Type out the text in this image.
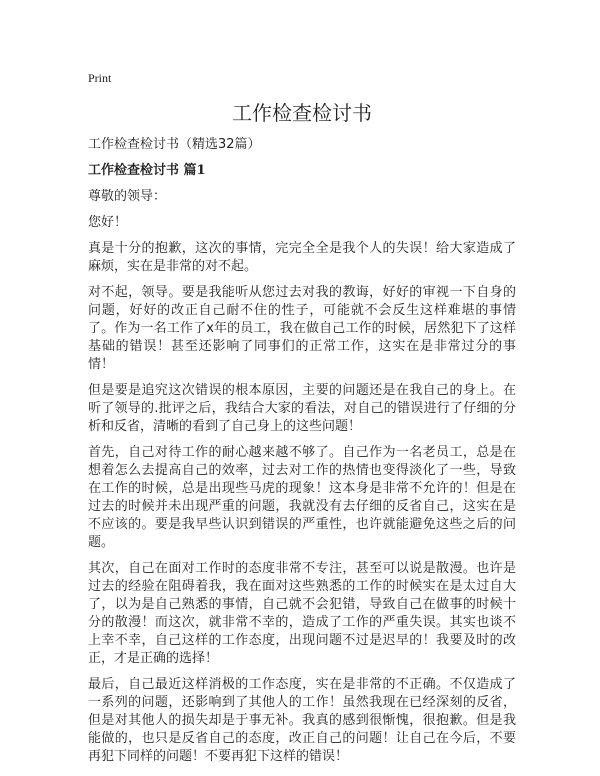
Print
工作检查检讨书

工作检查检讨书（精选32篇）

工作检查检讨书 篇1

尊敬的领导：

您好！

真是十分的抱歉，这次的事情，完完全全是我个人的失误！给大家造成了麻烦，实在是非常的对不起。

对不起，领导。要是我能听从您过去对我的教诲，好好的审视一下自身的问题，好好的改正自己耐不住的性子，可能就不会反生这样难堪的事情了。作为一名工作了x年的员工，我在做自己工作的时候，居然犯下了这样基础的错误！甚至还影响了同事们的正常工作，这实在是非常过分的事情！

但是要是追究这次错误的根本原因，主要的问题还是在我自己的身上。在听了领导的.批评之后，我结合大家的看法，对自己的错误进行了仔细的分析和反省，清晰的看到了自己身上的这些问题！

首先，自己对待工作的耐心越来越不够了。自己作为一名老员工，总是在想着怎么去提高自己的效率，过去对工作的热情也变得淡化了一些，导致在工作的时候，总是出现些马虎的现象！这本身是非常不允许的！但是在过去的时候并未出现严重的问题，我就没有去仔细的反省自己，这实在是不应该的。要是我早些认识到错误的严重性，也许就能避免这些之后的问题。

其次，自己在面对工作时的态度非常不专注，甚至可以说是散漫。也许是过去的经验在阻碍着我，我在面对这些熟悉的工作的时候实在是太过自大了，以为是自己熟悉的事情，自己就不会犯错，导致自己在做事的时候十分的散漫！而这次，就非常不幸的，造成了工作的严重失误。其实也谈不上幸不幸，自己这样的工作态度，出现问题不过是迟早的！我要及时的改正，才是正确的选择！

最后，自己最近这样消极的工作态度，实在是非常的不正确。不仅造成了一系列的问题，还影响到了其他人的工作！虽然我现在已经深刻的反省，但是对其他人的损失却是于事无补。我真的感到很惭愧，很抱歉。但是我能做的，也只是反省自己的态度，改正自己的问题！让自己在今后，不要再犯下同样的问题！不要再犯下这样的错误！
